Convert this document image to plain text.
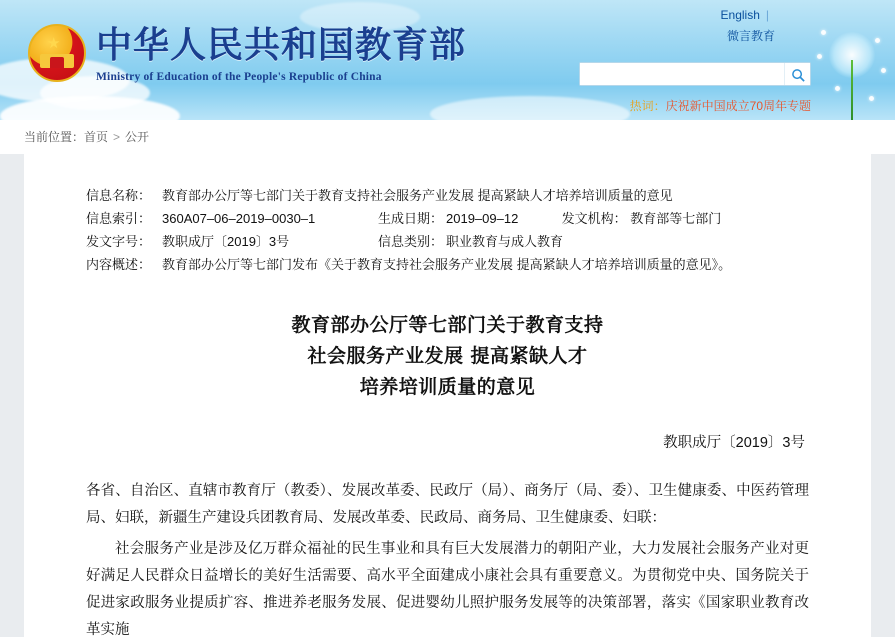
★ 中华人民共和国教育部
Ministry of Education of the People's Republic of China
English |
微言教育
热词：庆祝新中国成立70周年专题
当前位置：首页 > 公开
信息名称：	教育部办公厅等七部门关于教育支持社会服务产业发展 提高紧缺人才培养培训质量的意见		
信息索引：	360A07–06–2019–0030–1	生成日期：	2019–09–12 发文机构： 教育部等七部门
发文字号：	教职成厅〔2019〕3号	信息类别：	职业教育与成人教育
内容概述：	教育部办公厅等七部门发布《关于教育支持社会服务产业发展 提高紧缺人才培养培训质量的意见》。		
教育部办公厅等七部门关于教育支持
社会服务产业发展 提高紧缺人才
培养培训质量的意见
教职成厅〔2019〕3号

各省、自治区、直辖市教育厅（教委）、发展改革委、民政厅（局）、商务厅（局、委）、卫生健康委、中医药管理局、妇联，新疆生产建设兵团教育局、发展改革委、民政局、商务局、卫生健康委、妇联：

社会服务产业是涉及亿万群众福祉的民生事业和具有巨大发展潜力的朝阳产业，大力发展社会服务产业对更好满足人民群众日益增长的美好生活需要、高水平全面建成小康社会具有重要意义。为贯彻党中央、国务院关于促进家政服务业提质扩容、推进养老服务发展、促进婴幼儿照护服务发展等的决策部署，落实《国家职业教育改革实施
